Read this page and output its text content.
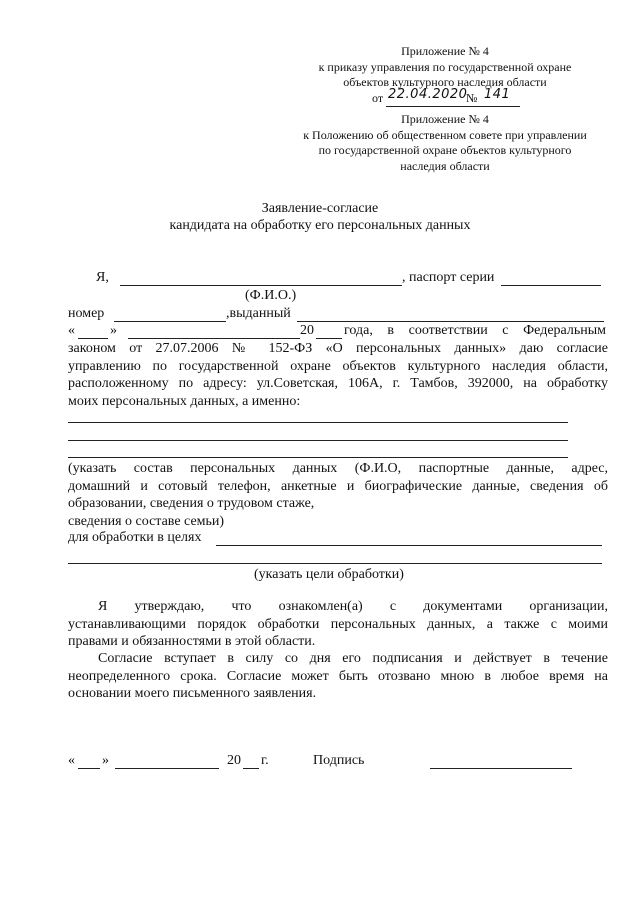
Приложение № 4
к приказу управления по государственной охране
объектов культурного наследия области
от 22.04.2020
№ 141
Приложение № 4
к Положению об общественном совете при управлении
по государственной охране объектов культурного
наследия области
Заявление-согласие
кандидата на обработку его персональных данных
Я,	, паспорт серии
(Ф.И.О.)
номер	,выданный
«	»	20 года, в соответствии с Федеральным
законом от 27.07.2006 № 152-ФЗ «О персональных данных» даю согласие
управлению по государственной охране объектов культурного наследия области,
расположенному по адресу: ул.Советская, 106А, г. Тамбов, 392000, на обработку
моих персональных данных, а именно:
(указать состав персональных данных (Ф.И.О, паспортные данные, адрес,
домашний и сотовый телефон, анкетные и биографические данные, сведения об
образовании, сведения о трудовом стаже,
сведения о составе семьи)
для обработки в целях
(указать цели обработки)
Я утверждаю, что ознакомлен(а) с документами организации,
устанавливающими порядок обработки персональных данных, а также с моими
правами и обязанностями в этой области.
Согласие вступает в силу со дня его подписания и действует в течение
неопределенного срока. Согласие может быть отозвано мною в любое время на
основании моего письменного заявления.
« »	20 г.	Подпись
